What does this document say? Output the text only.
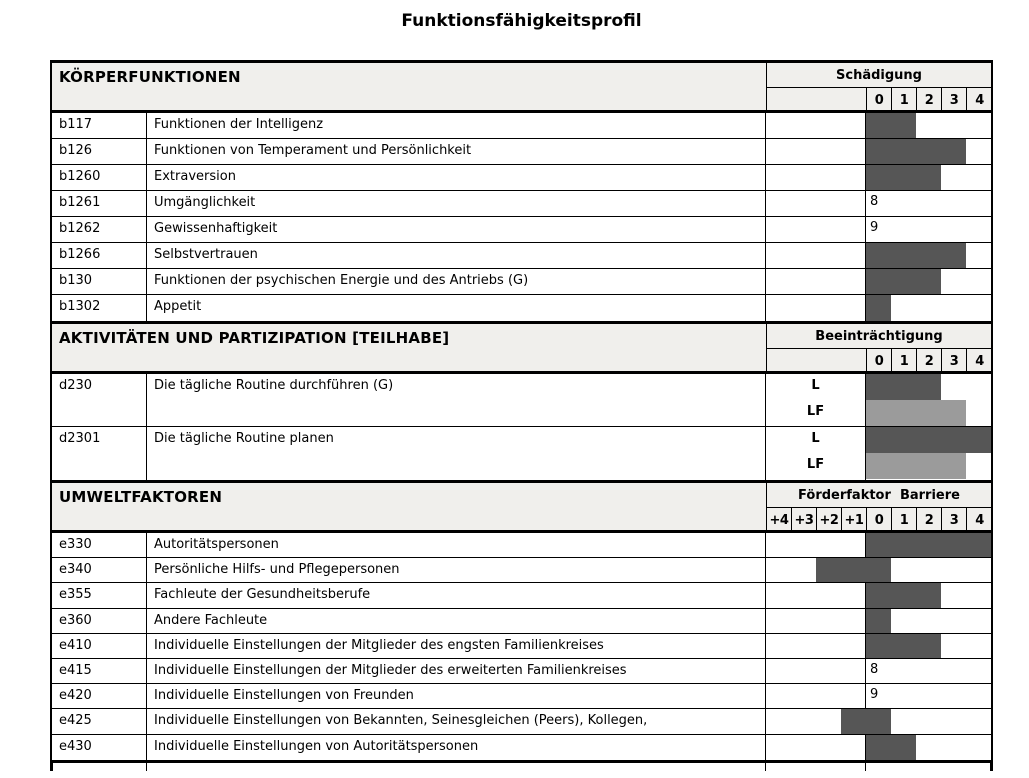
Funktionsfähigkeitsprofil
KÖRPERFUNKTIONEN	Schädigung
0	1	2	3	4
b117	Funktionen der Intelligenz
b126	Funktionen von Temperament und Persönlichkeit
b1260	Extraversion
b1261	Umgänglichkeit	8
b1262	Gewissenhaftigkeit	9
b1266	Selbstvertrauen
b130	Funktionen der psychischen Energie und des Antriebs (G)
b1302	Appetit
AKTIVITÄTEN UND PARTIZIPATION [TEILHABE]	Beeinträchtigung
0	1	2	3	4
d230	Die tägliche Routine durchführen (G)	L
LF
d2301	Die tägliche Routine planen	L
LF
UMWELTFAKTOREN	Förderfaktor  Barriere
+4 +3 +2 +1 0	1	2	3	4
e330	Autoritätspersonen
e340	Persönliche Hilfs- und Pflegepersonen
e355	Fachleute der Gesundheitsberufe
e360	Andere Fachleute
e410	Individuelle Einstellungen der Mitglieder des engsten Familienkreises
e415	Individuelle Einstellungen der Mitglieder des erweiterten Familienkreises	8
e420	Individuelle Einstellungen von Freunden	9
e425	Individuelle Einstellungen von Bekannten, Seinesgleichen (Peers), Kollegen,
e430	Individuelle Einstellungen von Autoritätspersonen
